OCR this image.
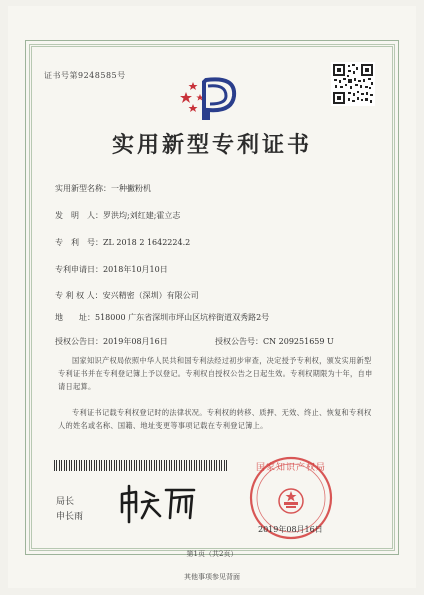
证书号第9248585号
实用新型专利证书
实用新型名称：一种撇粉机
发　明　人：罗洪均;刘红建;霍立志
专　利　号：ZL 2018 2 1642224.2
专利申请日：2018年10月10日
专 利 权 人：安兴精密（深圳）有限公司
地　　址：518000 广东省深圳市坪山区坑梓街道双秀路2号
授权公告日：2019年08月16日	授权公告号：CN 209251659 U
国家知识产权局依照中华人民共和国专利法经过初步审查，决定授予专利权，颁发实用新型专利证书并在专利登记簿上予以登记。专利权自授权公告之日起生效。专利权期限为十年，自申请日起算。
专利证书记载专利权登记时的法律状况。专利权的转移、质押、无效、终止、恢复和专利权人的姓名或名称、国籍、地址变更等事项记载在专利登记簿上。
局长
申长雨
国家知识产权局
2019年08月16日
第1页（共2页）
其他事项参见背面
